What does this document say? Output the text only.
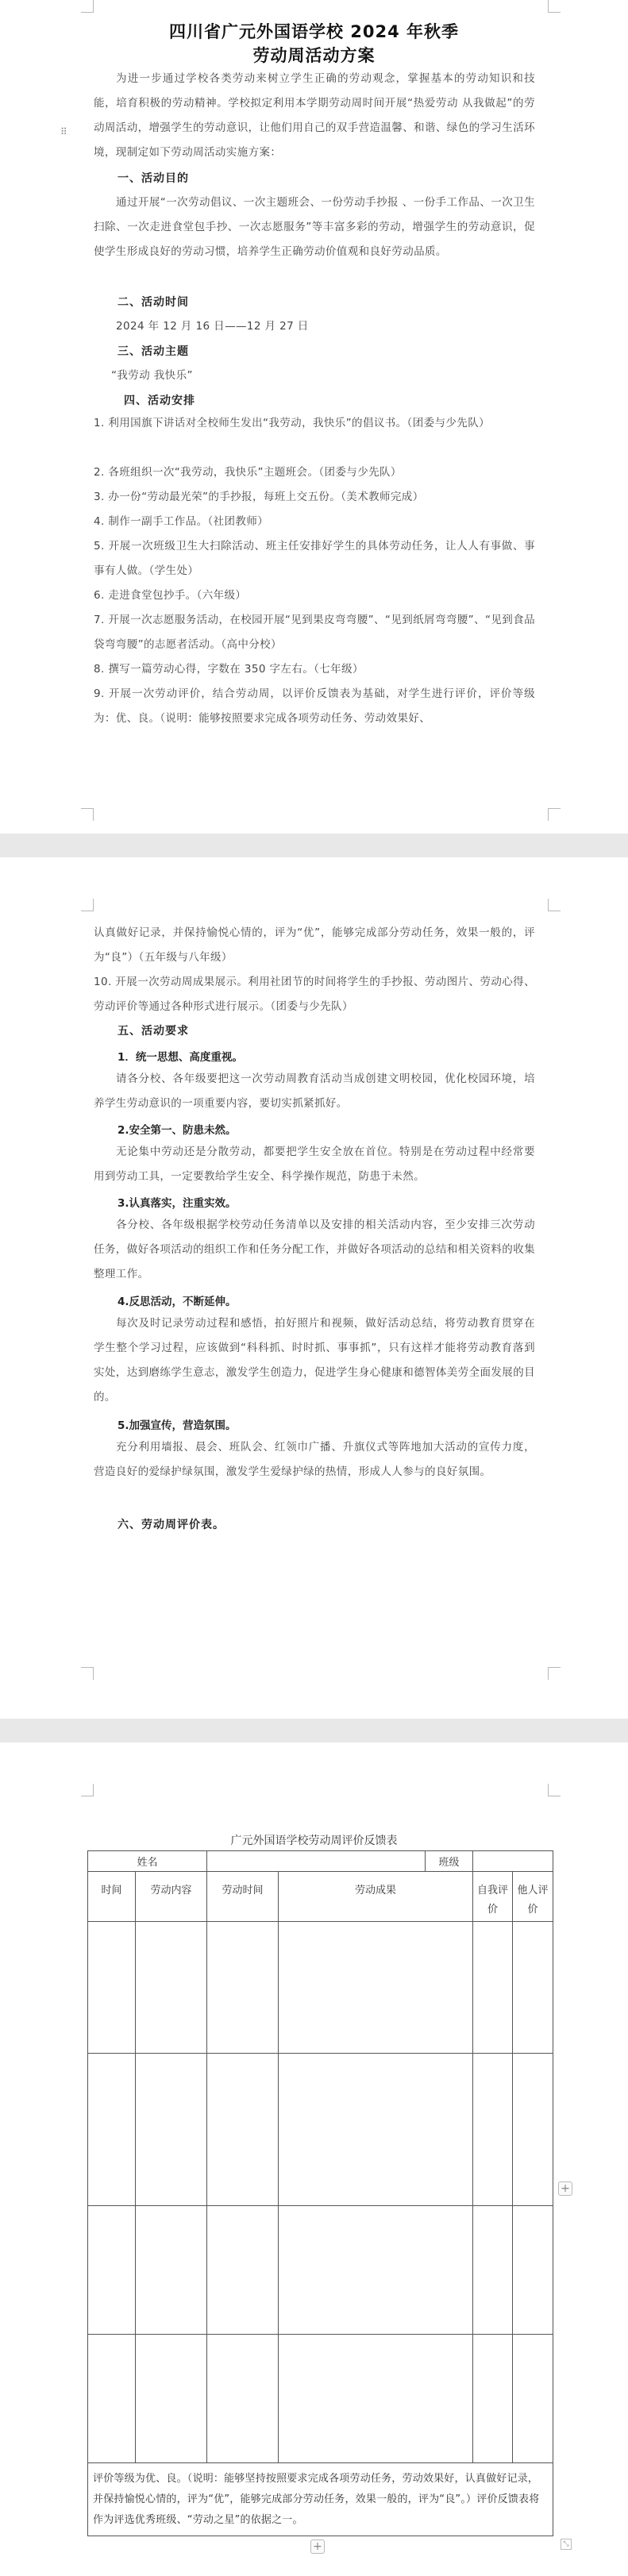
四川省广元外国语学校 2024 年秋季
劳动周活动方案
为进一步通过学校各类劳动来树立学生正确的劳动观念，掌握基本的劳动知识和技能，培育积极的劳动精神。学校拟定利用本学期劳动周时间开展“热爱劳动 从我做起”的劳动周活动，增强学生的劳动意识，让他们用自己的双手营造温馨、和谐、绿色的学习生活环境，现制定如下劳动周活动实施方案：
⠿
一、活动目的
通过开展“一次劳动倡议、一次主题班会、一份劳动手抄报 、一份手工作品、一次卫生扫除、一次走进食堂包手抄、一次志愿服务”等丰富多彩的劳动，增强学生的劳动意识，促使学生形成良好的劳动习惯，培养学生正确劳动价值观和良好劳动品质。
二、活动时间
2024 年 12 月 16 日——12 月 27 日
三、活动主题
“我劳动 我快乐”
四、活动安排
1. 利用国旗下讲话对全校师生发出“我劳动，我快乐”的倡议书。（团委与少先队）
2. 各班组织一次“我劳动，我快乐”主题班会。（团委与少先队）
3. 办一份“劳动最光荣”的手抄报，每班上交五份。（美术教师完成）
4. 制作一副手工作品。（社团教师）
5. 开展一次班级卫生大扫除活动、班主任安排好学生的具体劳动任务，让人人有事做、事事有人做。（学生处）
6. 走进食堂包抄手。（六年级）
7. 开展一次志愿服务活动，在校园开展“见到果皮弯弯腰”、“见到纸屑弯弯腰”、“见到食品袋弯弯腰”的志愿者活动。（高中分校）
8. 撰写一篇劳动心得，字数在 350 字左右。（七年级）
9. 开展一次劳动评价，结合劳动周，以评价反馈表为基础，对学生进行评价，评价等级为：优、良。（说明：能够按照要求完成各项劳动任务、劳动效果好、
认真做好记录，并保持愉悦心情的，评为“优”，能够完成部分劳动任务，效果一般的，评为“良”）（五年级与八年级）
10. 开展一次劳动周成果展示。利用社团节的时间将学生的手抄报、劳动图片、劳动心得、劳动评价等通过各种形式进行展示。（团委与少先队）
五、活动要求
1．统一思想、高度重视。
请各分校、各年级要把这一次劳动周教育活动当成创建文明校园，优化校园环境，培养学生劳动意识的一项重要内容，要切实抓紧抓好。
2.安全第一、防患未然。
无论集中劳动还是分散劳动，都要把学生安全放在首位。特别是在劳动过程中经常要用到劳动工具，一定要教给学生安全、科学操作规范，防患于未然。
3.认真落实，注重实效。
各分校、各年级根据学校劳动任务清单以及安排的相关活动内容，至少安排三次劳动任务，做好各项活动的组织工作和任务分配工作，并做好各项活动的总结和相关资料的收集整理工作。
4.反思活动，不断延伸。
每次及时记录劳动过程和感悟，拍好照片和视频，做好活动总结，将劳动教育贯穿在学生整个学习过程，应该做到“科科抓、时时抓、事事抓”，只有这样才能将劳动教育落到实处，达到磨练学生意志，激发学生创造力，促进学生身心健康和德智体美劳全面发展的目的。
5.加强宣传，营造氛围。
充分利用墙报、晨会、班队会、红领巾广播、升旗仪式等阵地加大活动的宣传力度，营造良好的爱绿护绿氛围，激发学生爱绿护绿的热情，形成人人参与的良好氛围。
六、劳动周评价表。
广元外国语学校劳动周评价反馈表
姓名				班级		
时间	劳动内容	劳动时间	劳动成果		自我评价	他人评价

评价等级为优、良。（说明：能够坚持按照要求完成各项劳动任务，劳动效果好，认真做好记录，并保持愉悦心情的，评为“优”，能够完成部分劳动任务，效果一般的，评为“良”。）评价反馈表将作为评选优秀班级、“劳动之星”的依据之一。						
+
+	⤡
